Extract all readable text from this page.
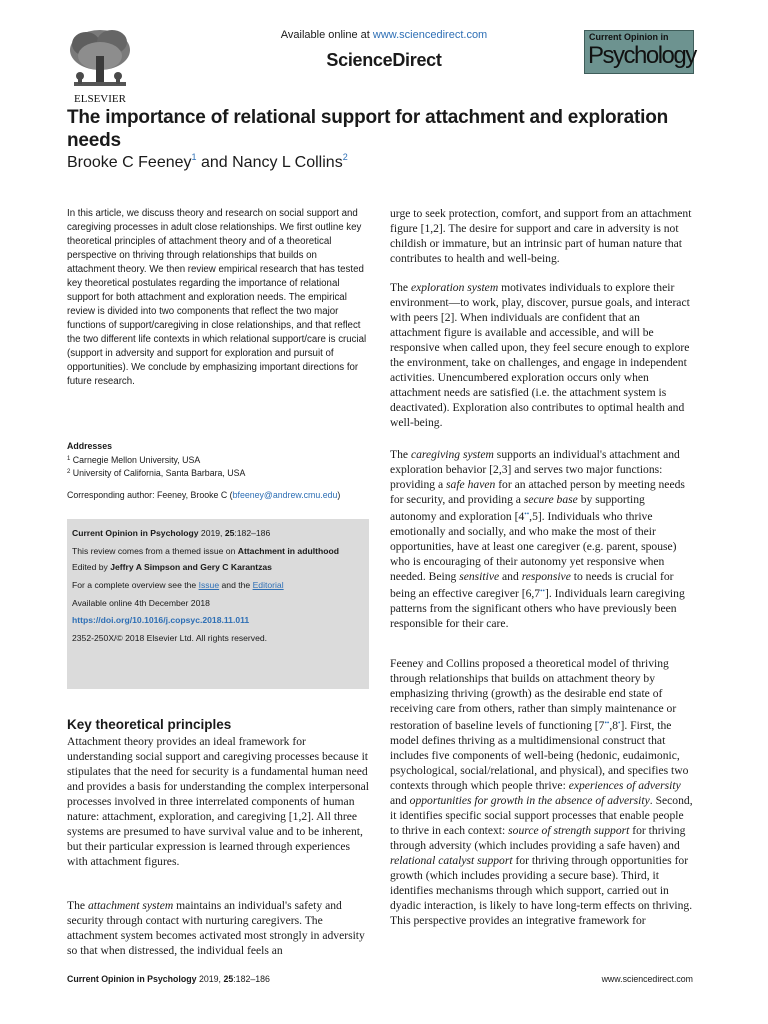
ELSEVIER
Available online at www.sciencedirect.com
ScienceDirect
Current Opinion in
Psychology
The importance of relational support for attachment and exploration needs
Brooke C Feeney$^1$ and Nancy L Collins$^2$
In this article, we discuss theory and research on social support and caregiving processes in adult close relationships. We first outline key theoretical principles of attachment theory and of a theoretical perspective on thriving through relationships that builds on attachment theory. We then review empirical research that has tested key theoretical postulates regarding the importance of relational support for both attachment and exploration needs. The empirical review is divided into two components that reflect the two major functions of support/caregiving in close relationships, and that reflect the two different life contexts in which relational support/care is crucial (support in adversity and support for exploration and pursuit of opportunities). We conclude by emphasizing important directions for future research.
Addresses
$^1$ Carnegie Mellon University, USA
$^2$ University of California, Santa Barbara, USA
Corresponding author: Feeney, Brooke C (bfeeney@andrew.cmu.edu)
Current Opinion in Psychology 2019, 25:182–186
This review comes from a themed issue on Attachment in adulthood
Edited by Jeffry A Simpson and Gery C Karantzas
For a complete overview see the Issue and the Editorial
Available online 4th December 2018
https://doi.org/10.1016/j.copsyc.2018.11.011
2352-250X/© 2018 Elsevier Ltd. All rights reserved.
Key theoretical principles
Attachment theory provides an ideal framework for understanding social support and caregiving processes because it stipulates that the need for security is a fundamental human need and provides a basis for understanding the complex interpersonal processes involved in three interrelated components of human nature: attachment, exploration, and caregiving [1,2]. All three systems are presumed to have survival value and to be inherent, but their particular expression is learned through experiences with attachment figures.
The attachment system maintains an individual's safety and security through contact with nurturing caregivers. The attachment system becomes activated most strongly in adversity so that when distressed, the individual feels an
urge to seek protection, comfort, and support from an attachment figure [1,2]. The desire for support and care in adversity is not childish or immature, but an intrinsic part of human nature that contributes to health and well-being.
The exploration system motivates individuals to explore their environment—to work, play, discover, pursue goals, and interact with peers [2]. When individuals are confident that an attachment figure is available and accessible, and will be responsive when called upon, they feel secure enough to explore the environment, take on challenges, and engage in independent activities. Unencumbered exploration occurs only when attachment needs are satisfied (i.e. the attachment system is deactivated). Exploration also contributes to optimal health and well-being.
The caregiving system supports an individual's attachment and exploration behavior [2,3] and serves two major functions: providing a safe haven for an attached person by meeting needs for security, and providing a secure base by supporting autonomy and exploration [4••,5]. Individuals who thrive emotionally and socially, and who make the most of their opportunities, have at least one caregiver (e.g. parent, spouse) who is encouraging of their autonomy yet responsive when needed. Being sensitive and responsive to needs is crucial for being an effective caregiver [6,7••]. Individuals learn caregiving patterns from the significant others who have previously been responsible for their care.
Feeney and Collins proposed a theoretical model of thriving through relationships that builds on attachment theory by emphasizing thriving (growth) as the desirable end state of receiving care from others, rather than simply maintenance or restoration of baseline levels of functioning [7••,8•]. First, the model defines thriving as a multidimensional construct that includes five components of well-being (hedonic, eudaimonic, psychological, social/relational, and physical), and specifies two contexts through which people thrive: experiences of adversity and opportunities for growth in the absence of adversity. Second, it identifies specific social support processes that enable people to thrive in each context: source of strength support for thriving through adversity (which includes providing a safe haven) and relational catalyst support for thriving through opportunities for growth (which includes providing a secure base). Third, it identifies mechanisms through which support, carried out in dyadic interaction, is likely to have long-term effects on thriving. This perspective provides an integrative framework for
Current Opinion in Psychology 2019, 25:182–186	www.sciencedirect.com
